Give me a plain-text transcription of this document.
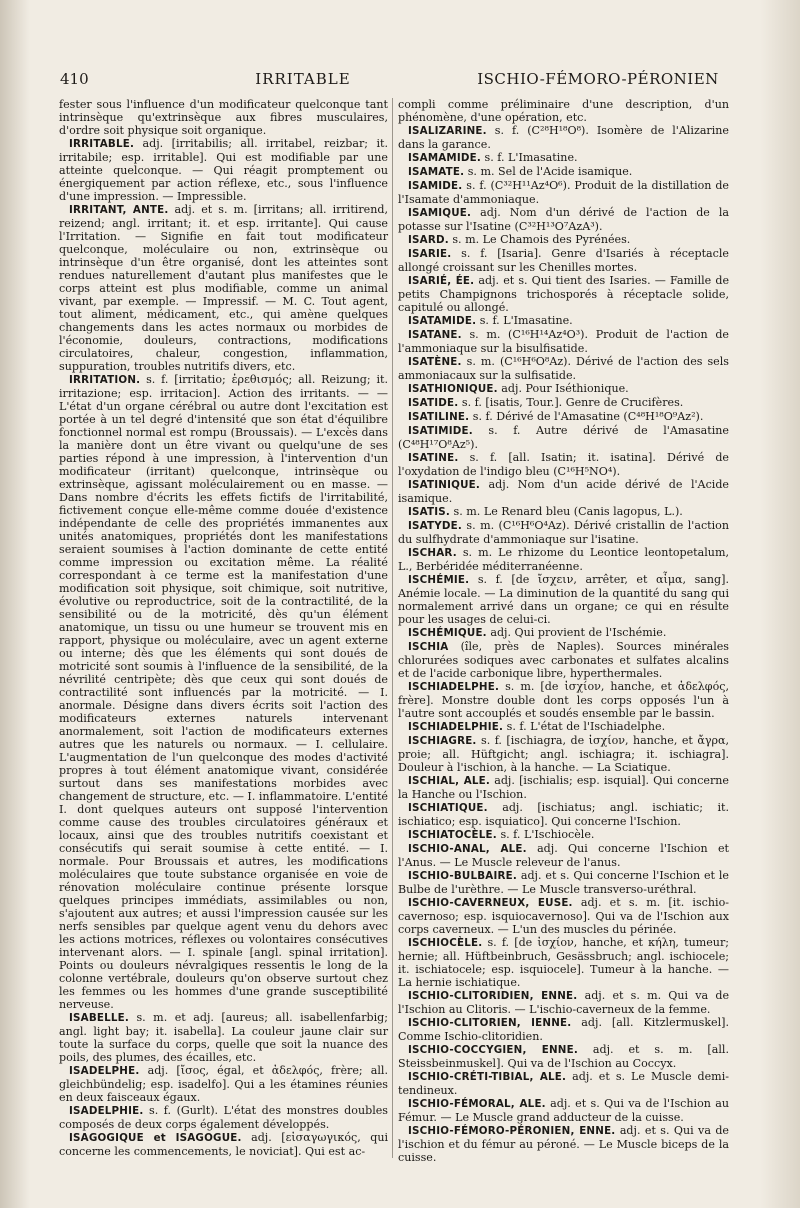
410	IRRITABLE	ISCHIO-FÉMORO-PÉRONIEN

fester sous l'influence d'un modificateur quelconque tant intrinsèque qu'extrinsèque aux fibres musculaires, d'ordre soit physique soit organique.

IRRITABLE. adj. [irritabilis; all. irritabel, reizbar; it. irritabile; esp. irritable]. Qui est modifiable par une atteinte quelconque. — Qui réagit promptement ou énergiquement par action réflexe, etc., sous l'influence d'une impression. — Impressible.

IRRITANT, ANTE. adj. et s. m. [irritans; all. irritirend, reizend; angl. irritant; it. et esp. irritante]. Qui cause l'Irritation. — Signifie en fait tout modificateur quelconque, moléculaire ou non, extrinsèque ou intrinsèque d'un être organisé, dont les atteintes sont rendues naturellement d'autant plus manifestes que le corps atteint est plus modifiable, comme un animal vivant, par exemple. — Impressif. — M. C. Tout agent, tout aliment, médicament, etc., qui amène quelques changements dans les actes normaux ou morbides de l'économie, douleurs, contractions, modifications circulatoires, chaleur, congestion, inflammation, suppuration, troubles nutritifs divers, etc.

IRRITATION. s. f. [irritatio; ἐρεθισμός; all. Reizung; it. irritazione; esp. irritacion]. Action des irritants. — — L'état d'un organe cérébral ou autre dont l'excitation est portée à un tel degré d'intensité que son état d'équilibre fonctionnel normal est rompu (Broussais). — L'excès dans la manière dont un être vivant ou quelqu'une de ses parties répond à une impression, à l'intervention d'un modificateur (irritant) quelconque, intrinsèque ou extrinsèque, agissant moléculairement ou en masse. — Dans nombre d'écrits les effets fictifs de l'irritabilité, fictivement conçue elle-même comme douée d'existence indépendante de celle des propriétés immanentes aux unités anatomiques, propriétés dont les manifestations seraient soumises à l'action dominante de cette entité comme impression ou excitation même. La réalité correspondant à ce terme est la manifestation d'une modification soit physique, soit chimique, soit nutritive, évolutive ou reproductrice, soit de la contractilité, de la sensibilité ou de la motricité, dès qu'un élément anatomique, un tissu ou une humeur se trouvent mis en rapport, physique ou moléculaire, avec un agent externe ou interne; dès que les éléments qui sont doués de motricité sont soumis à l'influence de la sensibilité, de la névrilité centripète; dès que ceux qui sont doués de contractilité sont influencés par la motricité. — I. anormale. Désigne dans divers écrits soit l'action des modificateurs externes naturels intervenant anormalement, soit l'action de modificateurs externes autres que les naturels ou normaux. — I. cellulaire. L'augmentation de l'un quelconque des modes d'activité propres à tout élément anatomique vivant, considérée surtout dans ses manifestations morbides avec changement de structure, etc. — I. inflammatoire. L'entité I. dont quelques auteurs ont supposé l'intervention comme cause des troubles circulatoires généraux et locaux, ainsi que des troubles nutritifs coexistant et consécutifs qui serait soumise à cette entité. — I. normale. Pour Broussais et autres, les modifications moléculaires que toute substance organisée en voie de rénovation moléculaire continue présente lorsque quelques principes immédiats, assimilables ou non, s'ajoutent aux autres; et aussi l'impression causée sur les nerfs sensibles par quelque agent venu du dehors avec les actions motrices, réflexes ou volontaires consécutives intervenant alors. — I. spinale [angl. spinal irritation]. Points ou douleurs névralgiques ressentis le long de la colonne vertébrale, douleurs qu'on observe surtout chez les femmes ou les hommes d'une grande susceptibilité nerveuse.

ISABELLE. s. m. et adj. [aureus; all. isabellenfarbig; angl. light bay; it. isabella]. La couleur jaune clair sur toute la surface du corps, quelle que soit la nuance des poils, des plumes, des écailles, etc.

ISADELPHE. adj. [ἴσος, égal, et ἀδελφός, frère; all. gleichbündelig; esp. isadelfo]. Qui a les étamines réunies en deux faisceaux égaux.

ISADELPHIE. s. f. (Gurlt). L'état des monstres doubles composés de deux corps également développés.

ISAGOGIQUE et ISAGOGUE. adj. [εἰσαγωγικός, qui concerne les commencements, le noviciat]. Qui est ac-

compli comme préliminaire d'une description, d'un phénomène, d'une opération, etc.

ISALIZARINE. s. f. (C²⁸H¹⁸O⁸). Isomère de l'Alizarine dans la garance.

ISAMAMIDE. s. f. L'Imasatine.

ISAMATE. s. m. Sel de l'Acide isamique.

ISAMIDE. s. f. (C³²H¹¹Az⁴O⁶). Produit de la distillation de l'Isamate d'ammoniaque.

ISAMIQUE. adj. Nom d'un dérivé de l'action de la potasse sur l'Isatine (C³²H¹³O⁷AzA³).

ISARD. s. m. Le Chamois des Pyrénées.

ISARIE. s. f. [Isaria]. Genre d'Isariés à réceptacle allongé croissant sur les Chenilles mortes.

ISARIÉ, ÉE. adj. et s. Qui tient des Isaries. — Famille de petits Champignons trichosporés à réceptacle solide, capitulé ou allongé.

ISATAMIDE. s. f. L'Imasatine.

ISATANE. s. m. (C¹⁶H¹⁴Az⁴O³). Produit de l'action de l'ammoniaque sur la bisulfisatide.

ISATÈNE. s. m. (C¹⁶H⁶O⁸Az). Dérivé de l'action des sels ammoniacaux sur la sulfisatide.

ISATHIONIQUE. adj. Pour Iséthionique.

ISATIDE. s. f. [isatis, Tour.]. Genre de Crucifères.

ISATILINE. s. f. Dérivé de l'Amasatine (C⁴⁸H¹⁸O⁹Az²).

ISATIMIDE. s. f. Autre dérivé de l'Amasatine (C⁴⁸H¹⁷O⁸Az⁵).

ISATINE. s. f. [all. Isatin; it. isatina]. Dérivé de l'oxydation de l'indigo bleu (C¹⁶H⁵NO⁴).

ISATINIQUE. adj. Nom d'un acide dérivé de l'Acide isamique.

ISATIS. s. m. Le Renard bleu (Canis lagopus, L.).

ISATYDE. s. m. (C¹⁶H⁶O⁴Az). Dérivé cristallin de l'action du sulfhydrate d'ammoniaque sur l'isatine.

ISCHAR. s. m. Le rhizome du Leontice leontopetalum, L., Berbéridée méditerranéenne.

ISCHÉMIE. s. f. [de ἴσχειν, arrêter, et αἷμα, sang]. Anémie locale. — La diminution de la quantité du sang qui normalement arrivé dans un organe; ce qui en résulte pour les usages de celui-ci.

ISCHÉMIQUE. adj. Qui provient de l'Ischémie.

ISCHIA (île, près de Naples). Sources minérales chlorurées sodiques avec carbonates et sulfates alcalins et de l'acide carbonique libre, hyperthermales.

ISCHIADELPHE. s. m. [de ἰσχίον, hanche, et ἀδελφός, frère]. Monstre double dont les corps opposés l'un à l'autre sont accouplés et soudés ensemble par le bassin.

ISCHIADELPHIE. s. f. L'état de l'Ischiadelphe.

ISCHIAGRE. s. f. [ischiagra, de ἰσχίον, hanche, et ἄγρα, proie; all. Hüftgicht; angl. ischiagra; it. ischiagra]. Douleur à l'ischion, à la hanche. — La Sciatique.

ISCHIAL, ALE. adj. [ischialis; esp. isquial]. Qui concerne la Hanche ou l'Ischion.

ISCHIATIQUE. adj. [ischiatus; angl. ischiatic; it. ischiatico; esp. isquiatico]. Qui concerne l'Ischion.

ISCHIATOCÈLE. s. f. L'Ischiocèle.

ISCHIO-ANAL, ALE. adj. Qui concerne l'Ischion et l'Anus. — Le Muscle releveur de l'anus.

ISCHIO-BULBAIRE. adj. et s. Qui concerne l'Ischion et le Bulbe de l'urèthre. — Le Muscle transverso-uréthral.

ISCHIO-CAVERNEUX, EUSE. adj. et s. m. [it. ischio-cavernoso; esp. isquiocavernoso]. Qui va de l'Ischion aux corps caverneux. — L'un des muscles du périnée.

ISCHIOCÈLE. s. f. [de ἰσχίον, hanche, et κήλη, tumeur; hernie; all. Hüftbeinbruch, Gesässbruch; angl. ischiocele; it. ischiatocele; esp. isquiocele]. Tumeur à la hanche. — La hernie ischiatique.

ISCHIO-CLITORIDIEN, ENNE. adj. et s. m. Qui va de l'Ischion au Clitoris. — L'ischio-caverneux de la femme.

ISCHIO-CLITORIEN, IENNE. adj. [all. Kitzlermuskel]. Comme Ischio-clitoridien.

ISCHIO-COCCYGIEN, ENNE. adj. et s. m. [all. Steissbeinmuskel]. Qui va de l'Ischion au Coccyx.

ISCHIO-CRÉTI-TIBIAL, ALE. adj. et s. Le Muscle demi-tendineux.

ISCHIO-FÉMORAL, ALE. adj. et s. Qui va de l'Ischion au Fémur. — Le Muscle grand adducteur de la cuisse.

ISCHIO-FÉMORO-PÉRONIEN, ENNE. adj. et s. Qui va de l'ischion et du fémur au péroné. — Le Muscle biceps de la cuisse.
